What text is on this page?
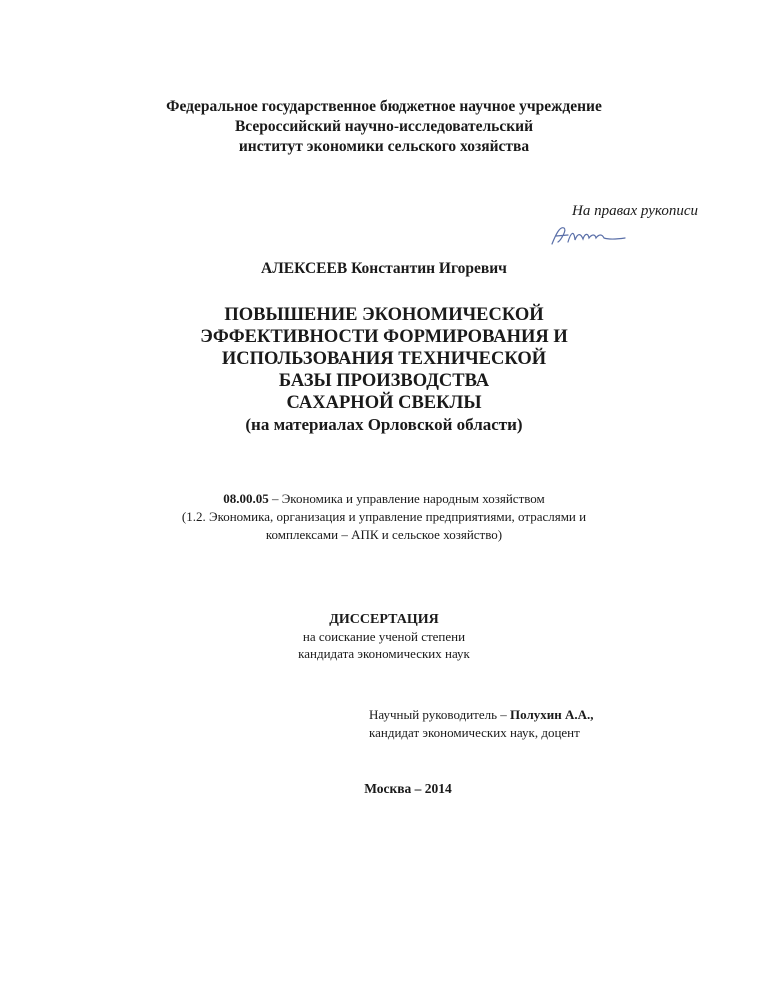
Федеральное государственное бюджетное научное учреждение
Всероссийский научно-исследовательский
институт экономики сельского хозяйства
На правах рукописи
АЛЕКСЕЕВ Константин Игоревич
ПОВЫШЕНИЕ ЭКОНОМИЧЕСКОЙ
ЭФФЕКТИВНОСТИ ФОРМИРОВАНИЯ И
ИСПОЛЬЗОВАНИЯ ТЕХНИЧЕСКОЙ
БАЗЫ ПРОИЗВОДСТВА
САХАРНОЙ СВЕКЛЫ
(на материалах Орловской области)
08.00.05 – Экономика и управление народным хозяйством
(1.2. Экономика, организация и управление предприятиями, отраслями и
комплексами – АПК и сельское хозяйство)
ДИССЕРТАЦИЯ
на соискание ученой степени
кандидата экономических наук
Научный руководитель – Полухин А.А.,
кандидат экономических наук, доцент
Москва – 2014
